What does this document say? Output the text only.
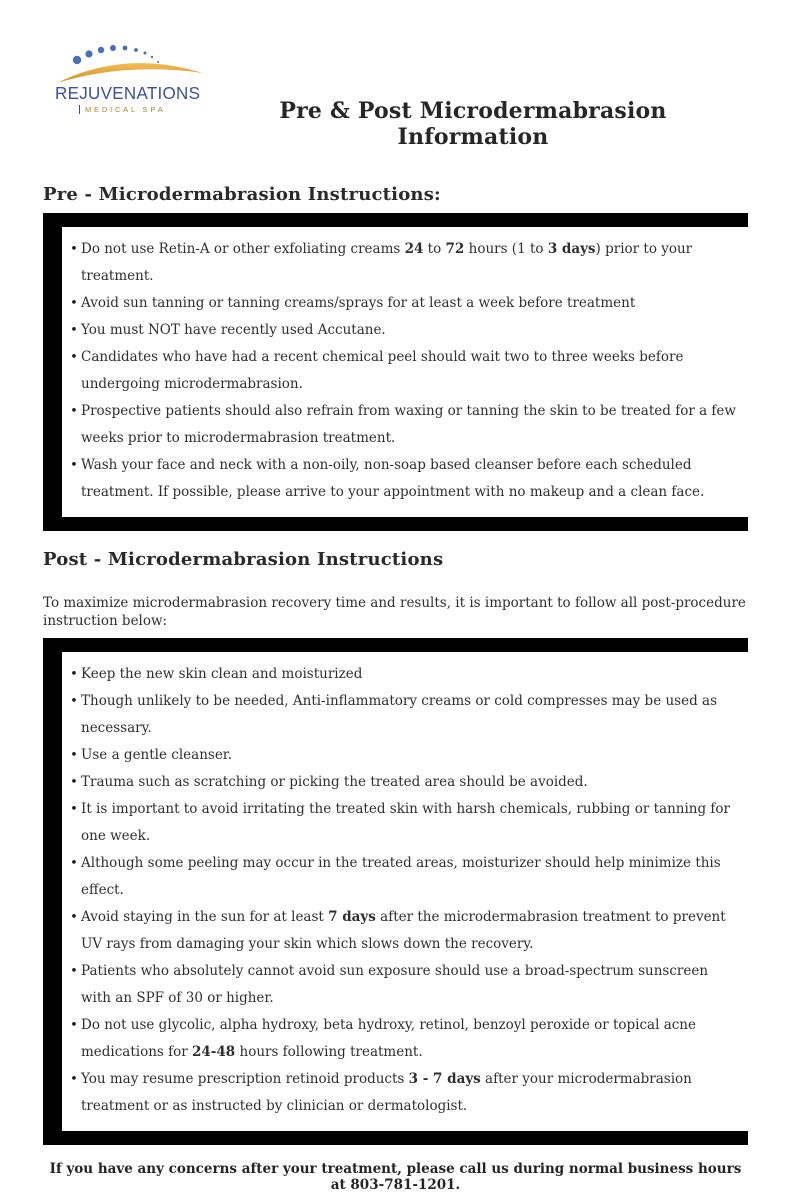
REJUVENATIONS
MEDICAL SPA	Pre & Post Microdermabrasion Information
Pre - Microdermabrasion Instructions:
• Do not use Retin-A or other exfoliating creams 24 to 72 hours (1 to 3 days) prior to your treatment.
• Avoid sun tanning or tanning creams/sprays for at least a week before treatment
• You must NOT have recently used Accutane.
• Candidates who have had a recent chemical peel should wait two to three weeks before undergoing microdermabrasion.
• Prospective patients should also refrain from waxing or tanning the skin to be treated for a few weeks prior to microdermabrasion treatment.
• Wash your face and neck with a non-oily, non-soap based cleanser before each scheduled treatment. If possible, please arrive to your appointment with no makeup and a clean face.
Post - Microdermabrasion Instructions
To maximize microdermabrasion recovery time and results, it is important to follow all post-procedure instruction below:
• Keep the new skin clean and moisturized
• Though unlikely to be needed, Anti-inflammatory creams or cold compresses may be used as necessary.
• Use a gentle cleanser.
• Trauma such as scratching or picking the treated area should be avoided.
• It is important to avoid irritating the treated skin with harsh chemicals, rubbing or tanning for one week.
• Although some peeling may occur in the treated areas, moisturizer should help minimize this effect.
• Avoid staying in the sun for at least 7 days after the microdermabrasion treatment to prevent UV rays from damaging your skin which slows down the recovery.
• Patients who absolutely cannot avoid sun exposure should use a broad-spectrum sunscreen with an SPF of 30 or higher.
• Do not use glycolic, alpha hydroxy, beta hydroxy, retinol, benzoyl peroxide or topical acne medications for 24-48 hours following treatment.
• You may resume prescription retinoid products 3 - 7 days after your microdermabrasion treatment or as instructed by clinician or dermatologist.
If you have any concerns after your treatment, please call us during normal business hours at 803-781-1201.
